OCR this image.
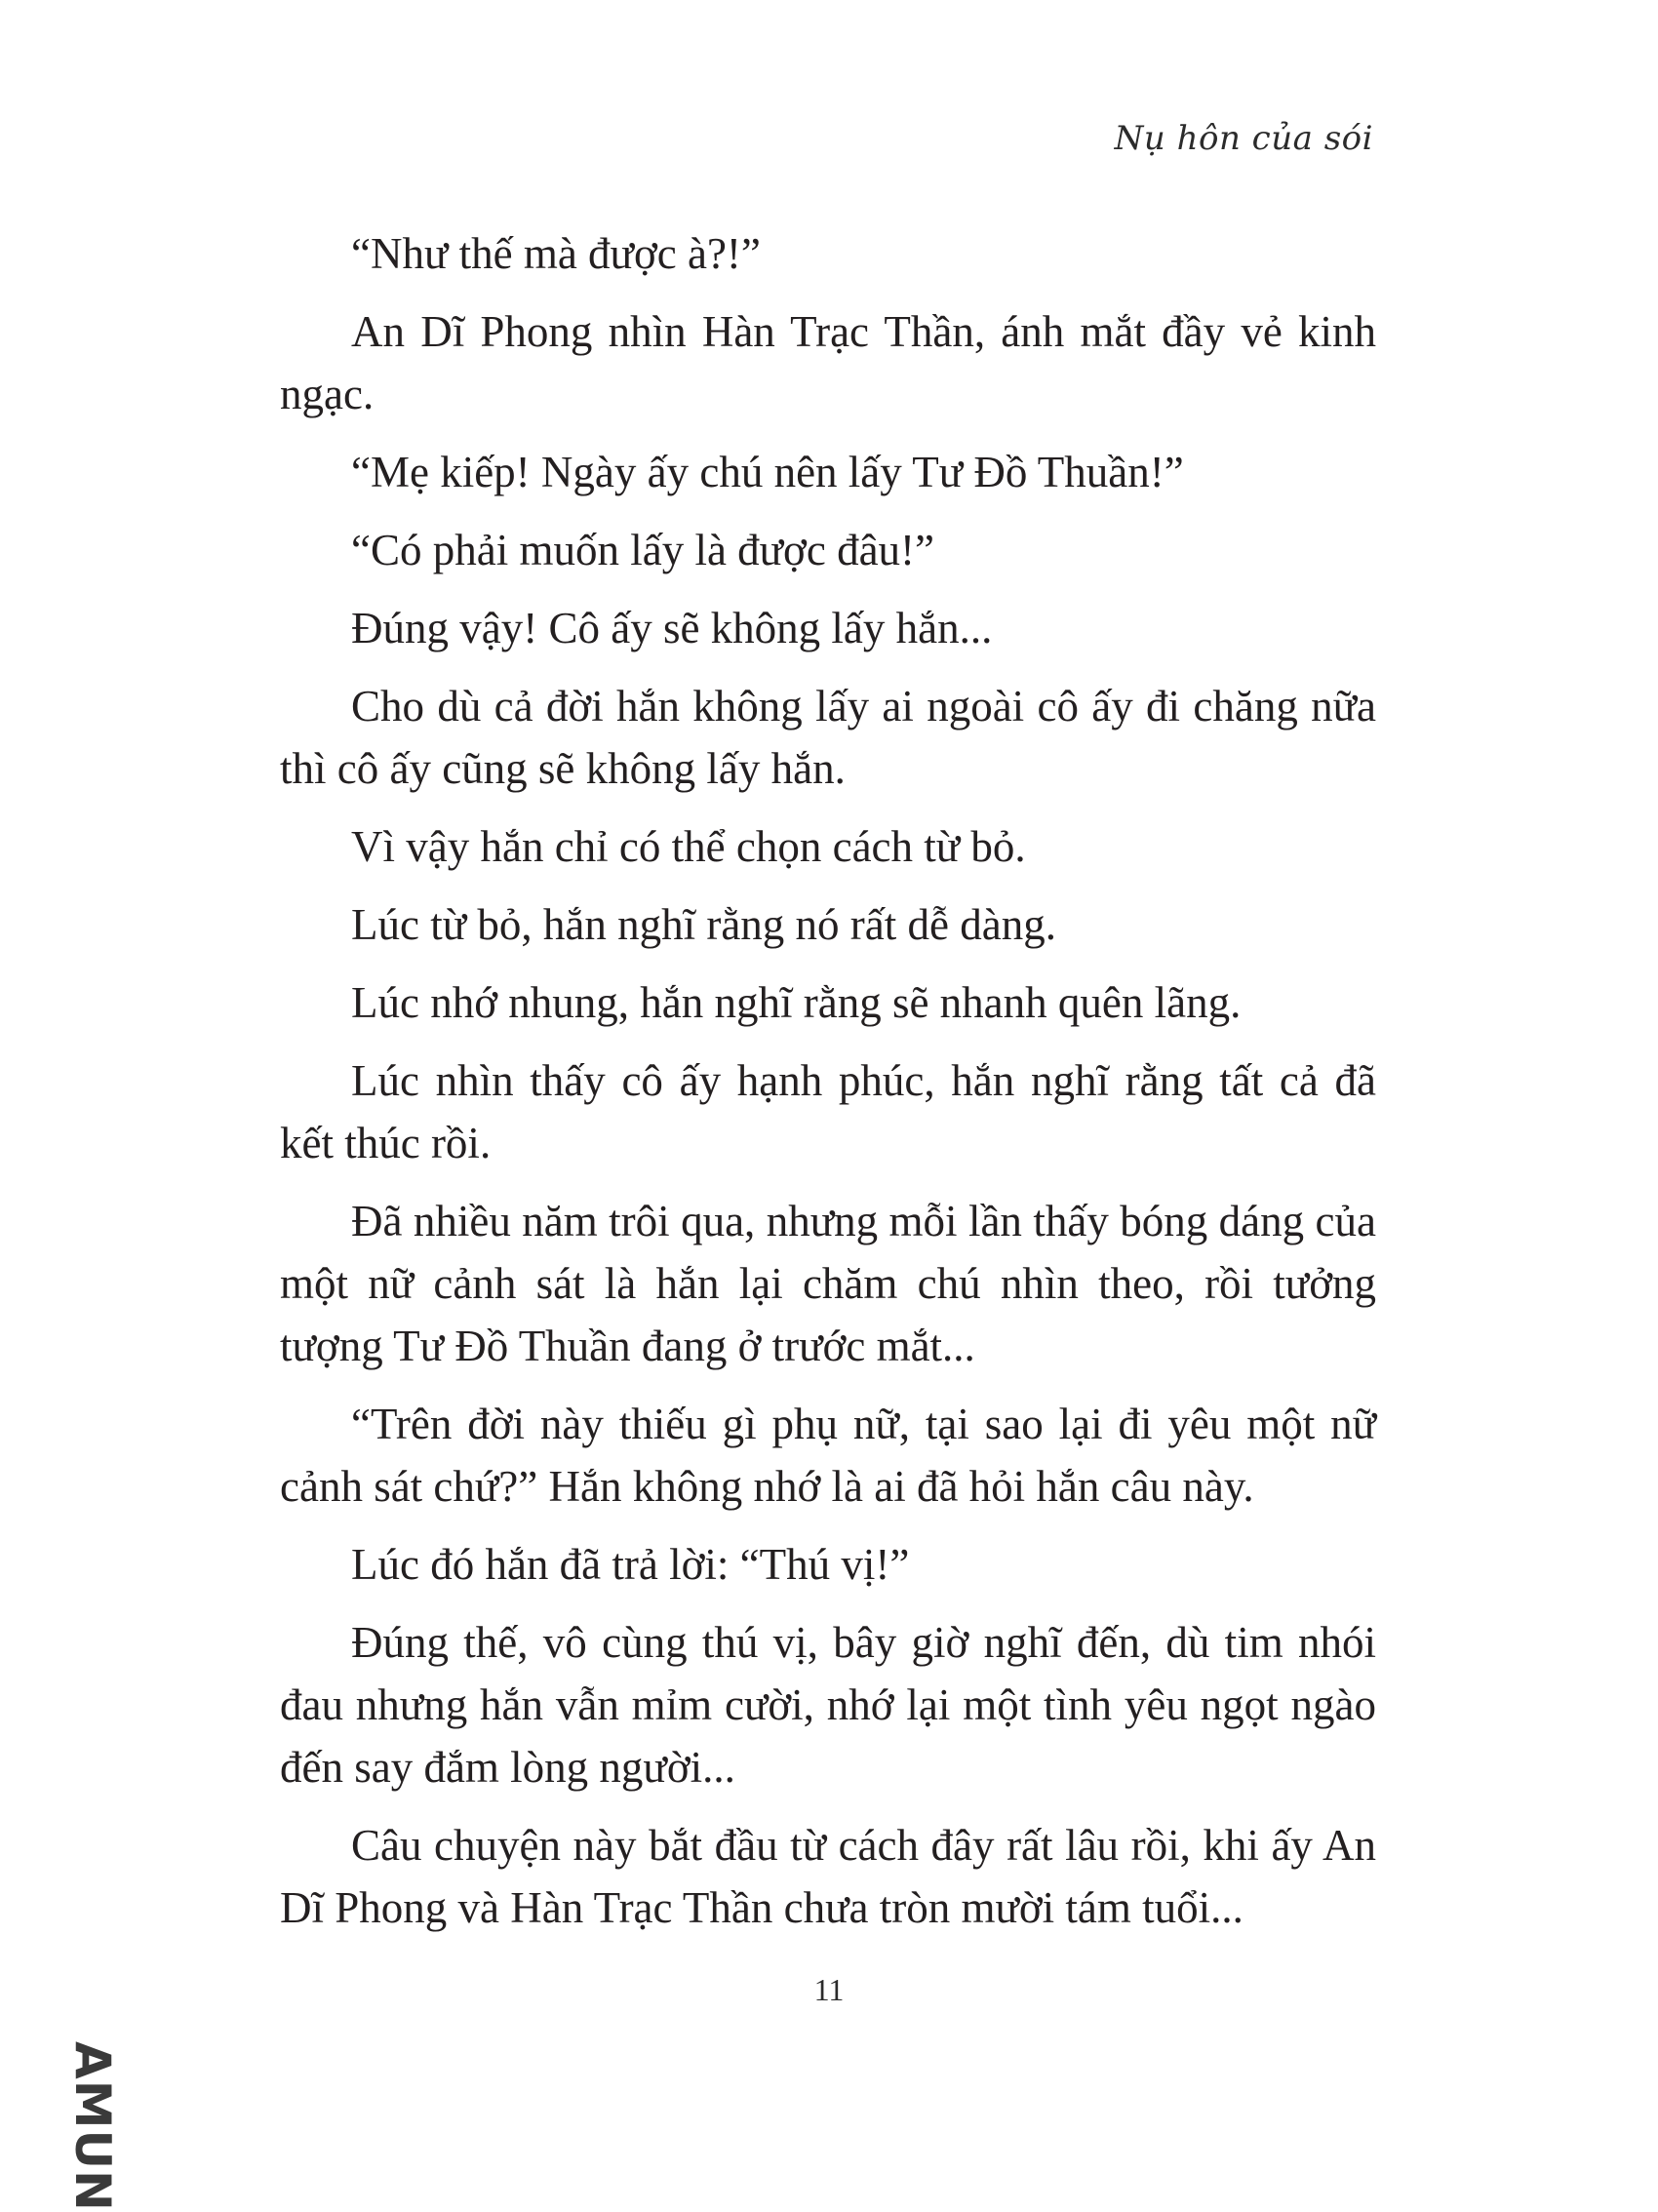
Nụ hôn của sói

“Như thế mà được à?!”

An Dĩ Phong nhìn Hàn Trạc Thần, ánh mắt đầy vẻ kinh ngạc.

“Mẹ kiếp! Ngày ấy chú nên lấy Tư Đồ Thuần!”

“Có phải muốn lấy là được đâu!”

Đúng vậy! Cô ấy sẽ không lấy hắn...

Cho dù cả đời hắn không lấy ai ngoài cô ấy đi chăng nữa thì cô ấy cũng sẽ không lấy hắn.

Vì vậy hắn chỉ có thể chọn cách từ bỏ.

Lúc từ bỏ, hắn nghĩ rằng nó rất dễ dàng.

Lúc nhớ nhung, hắn nghĩ rằng sẽ nhanh quên lãng.

Lúc nhìn thấy cô ấy hạnh phúc, hắn nghĩ rằng tất cả đã kết thúc rồi.

Đã nhiều năm trôi qua, nhưng mỗi lần thấy bóng dáng của một nữ cảnh sát là hắn lại chăm chú nhìn theo, rồi tưởng tượng Tư Đồ Thuần đang ở trước mắt...

“Trên đời này thiếu gì phụ nữ, tại sao lại đi yêu một nữ cảnh sát chứ?” Hắn không nhớ là ai đã hỏi hắn câu này.

Lúc đó hắn đã trả lời: “Thú vị!”

Đúng thế, vô cùng thú vị, bây giờ nghĩ đến, dù tim nhói đau nhưng hắn vẫn mỉm cười, nhớ lại một tình yêu ngọt ngào đến say đắm lòng người...

Câu chuyện này bắt đầu từ cách đây rất lâu rồi, khi ấy An Dĩ Phong và Hàn Trạc Thần chưa tròn mười tám tuổi...

11
AMUN
